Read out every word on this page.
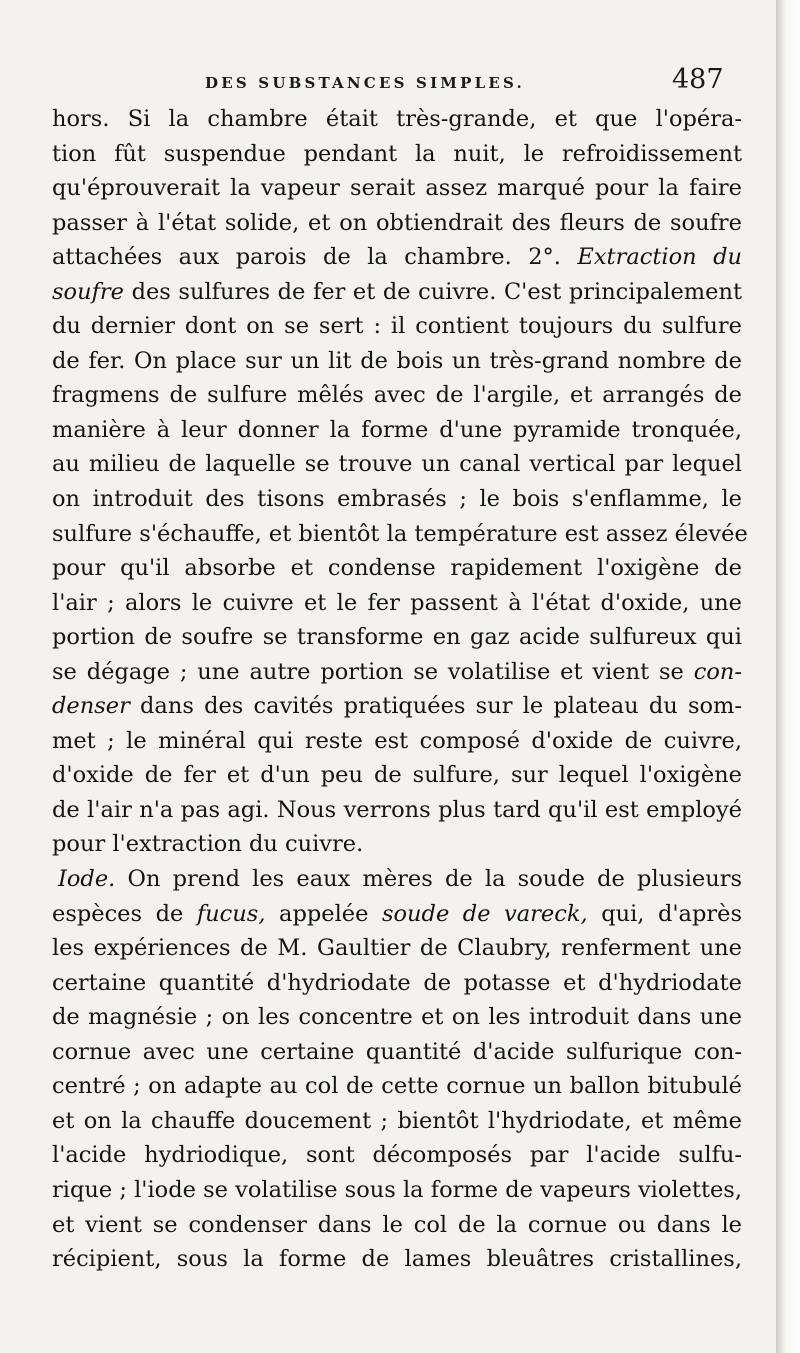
DES SUBSTANCES SIMPLES.	487
hors. Si la chambre était très-grande, et que l'opéra-
tion fût suspendue pendant la nuit, le refroidissement
qu'éprouverait la vapeur serait assez marqué pour la faire
passer à l'état solide, et on obtiendrait des fleurs de soufre
attachées aux parois de la chambre. 2°. Extraction du
soufre des sulfures de fer et de cuivre. C'est principalement
du dernier dont on se sert : il contient toujours du sulfure
de fer. On place sur un lit de bois un très-grand nombre de
fragmens de sulfure mêlés avec de l'argile, et arrangés de
manière à leur donner la forme d'une pyramide tronquée,
au milieu de laquelle se trouve un canal vertical par lequel
on introduit des tisons embrasés ; le bois s'enflamme, le
sulfure s'échauffe, et bientôt la température est assez élevée
pour qu'il absorbe et condense rapidement l'oxigène de
l'air ; alors le cuivre et le fer passent à l'état d'oxide, une
portion de soufre se transforme en gaz acide sulfureux qui
se dégage ; une autre portion se volatilise et vient se con-
denser dans des cavités pratiquées sur le plateau du som-
met ; le minéral qui reste est composé d'oxide de cuivre,
d'oxide de fer et d'un peu de sulfure, sur lequel l'oxigène
de l'air n'a pas agi. Nous verrons plus tard qu'il est employé
pour l'extraction du cuivre.
Iode. On prend les eaux mères de la soude de plusieurs
espèces de fucus, appelée soude de vareck, qui, d'après
les expériences de M. Gaultier de Claubry, renferment une
certaine quantité d'hydriodate de potasse et d'hydriodate
de magnésie ; on les concentre et on les introduit dans une
cornue avec une certaine quantité d'acide sulfurique con-
centré ; on adapte au col de cette cornue un ballon bitubulé
et on la chauffe doucement ; bientôt l'hydriodate, et même
l'acide hydriodique, sont décomposés par l'acide sulfu-
rique ; l'iode se volatilise sous la forme de vapeurs violettes,
et vient se condenser dans le col de la cornue ou dans le
récipient, sous la forme de lames bleuâtres cristallines,
